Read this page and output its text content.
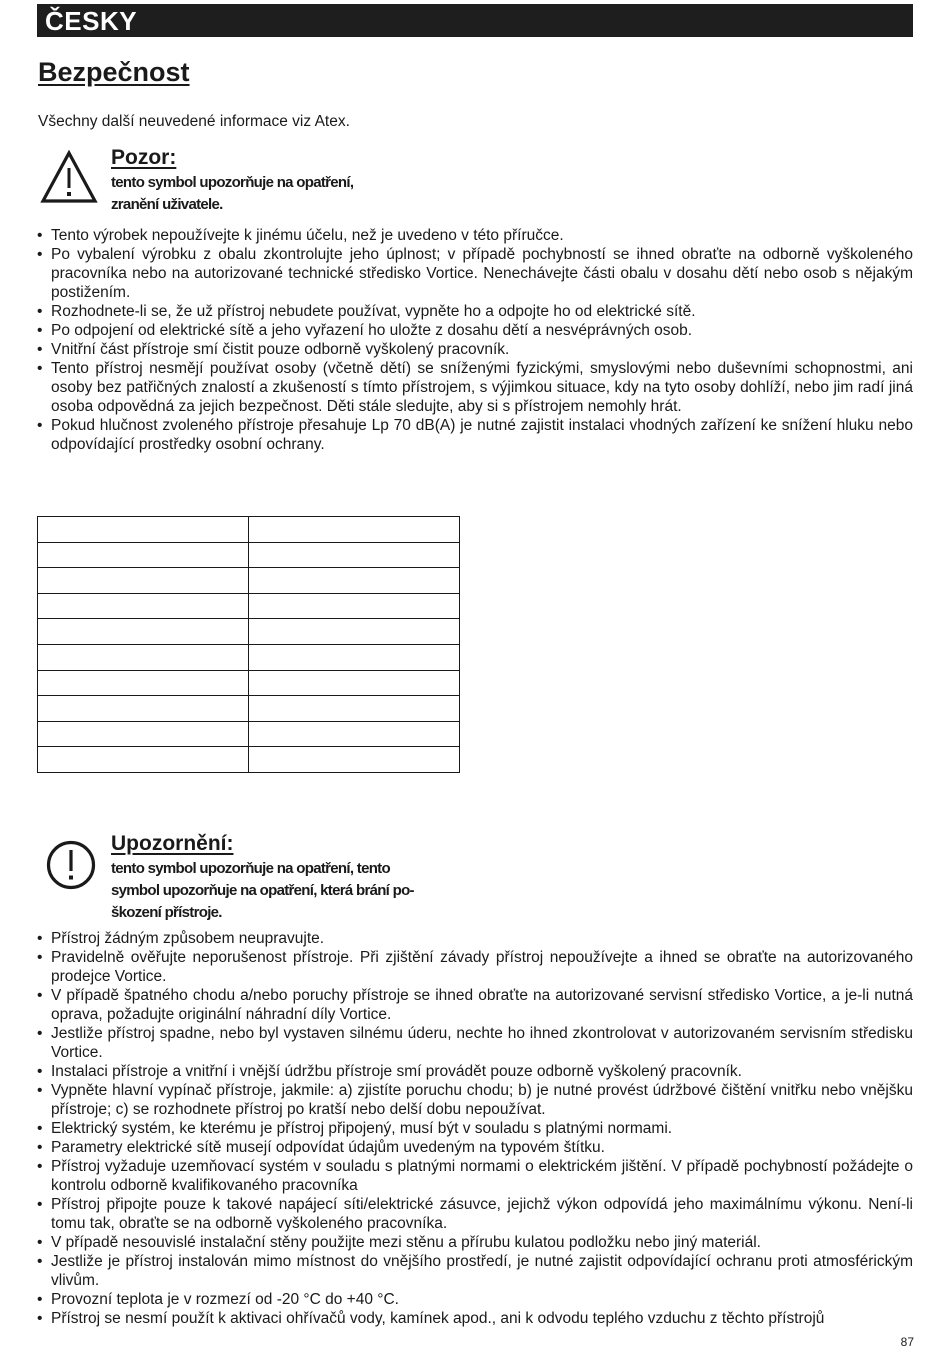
ČESKY
Bezpečnost
Všechny další neuvedené informace viz Atex.
Pozor:
tento symbol upozorňuje na opatření,
zranění uživatele.
• Tento výrobek nepoužívejte k jinému účelu, než je uvedeno v této příručce.
• Po vybalení výrobku z obalu zkontrolujte jeho úplnost; v případě pochybností se ihned obraťte na odborně vyškoleného pracovníka nebo na autorizované technické středisko Vortice. Nenechávejte části obalu v dosahu dětí nebo osob s nějakým postižením.
• Rozhodnete-li se, že už přístroj nebudete používat, vypněte ho a odpojte ho od elektrické sítě.
• Po odpojení od elektrické sítě a jeho vyřazení ho uložte z dosahu dětí a nesvéprávných osob.
• Vnitřní část přístroje smí čistit pouze odborně vyškolený pracovník.
• Tento přístroj nesmějí používat osoby (včetně dětí) se sníženými fyzickými, smyslovými nebo duševními schopnostmi, ani osoby bez patřičných znalostí a zkušeností s tímto přístrojem, s výjimkou situace, kdy na tyto osoby dohlíží, nebo jim radí jiná osoba odpovědná za jejich bezpečnost. Děti stále sledujte, aby si s přístrojem nemohly hrát.
• Pokud hlučnost zvoleného přístroje přesahuje Lp 70 dB(A) je nutné zajistit instalaci vhodných zařízení ke snížení hluku nebo odpovídající prostředky osobní ochrany.

Upozornění:
tento symbol upozorňuje na opatření, tento
symbol upozorňuje na opatření, která brání po-
škození přístroje.
• Přístroj žádným způsobem neupravujte.
• Pravidelně ověřujte neporušenost přístroje. Při zjištění závady přístroj nepoužívejte a ihned se obraťte na autorizovaného prodejce Vortice.
• V případě špatného chodu a/nebo poruchy přístroje se ihned obraťte na autorizované servisní středisko Vortice, a je-li nutná oprava, požadujte originální náhradní díly Vortice.
• Jestliže přístroj spadne, nebo byl vystaven silnému úderu, nechte ho ihned zkontrolovat v autorizovaném servisním středisku Vortice.
• Instalaci přístroje a vnitřní i vnější údržbu přístroje smí provádět pouze odborně vyškolený pracovník.
• Vypněte hlavní vypínač přístroje, jakmile: a) zjistíte poruchu chodu; b) je nutné provést údržbové čištění vnitřku nebo vnějšku přístroje; c) se rozhodnete přístroj po kratší nebo delší dobu nepoužívat.
• Elektrický systém, ke kterému je přístroj připojený, musí být v souladu s platnými normami.
• Parametry elektrické sítě musejí odpovídat údajům uvedeným na typovém štítku.
• Přístroj vyžaduje uzemňovací systém v souladu s platnými normami o elektrickém jištění. V případě pochybností požádejte o kontrolu odborně kvalifikovaného pracovníka
• Přístroj připojte pouze k takové napájecí síti/elektrické zásuvce, jejichž výkon odpovídá jeho maximálnímu výkonu. Není-li tomu tak, obraťte se na odborně vyškoleného pracovníka.
• V případě nesouvislé instalační stěny použijte mezi stěnu a přírubu kulatou podložku nebo jiný materiál.
• Jestliže je přístroj instalován mimo místnost do vnějšího prostředí, je nutné zajistit odpovídající ochranu proti atmosférickým vlivům.
• Provozní teplota je v rozmezí od -20 °C do +40 °C.
• Přístroj se nesmí použít k aktivaci ohřívačů vody, kamínek apod., ani k odvodu teplého vzduchu z těchto přístrojů
87
